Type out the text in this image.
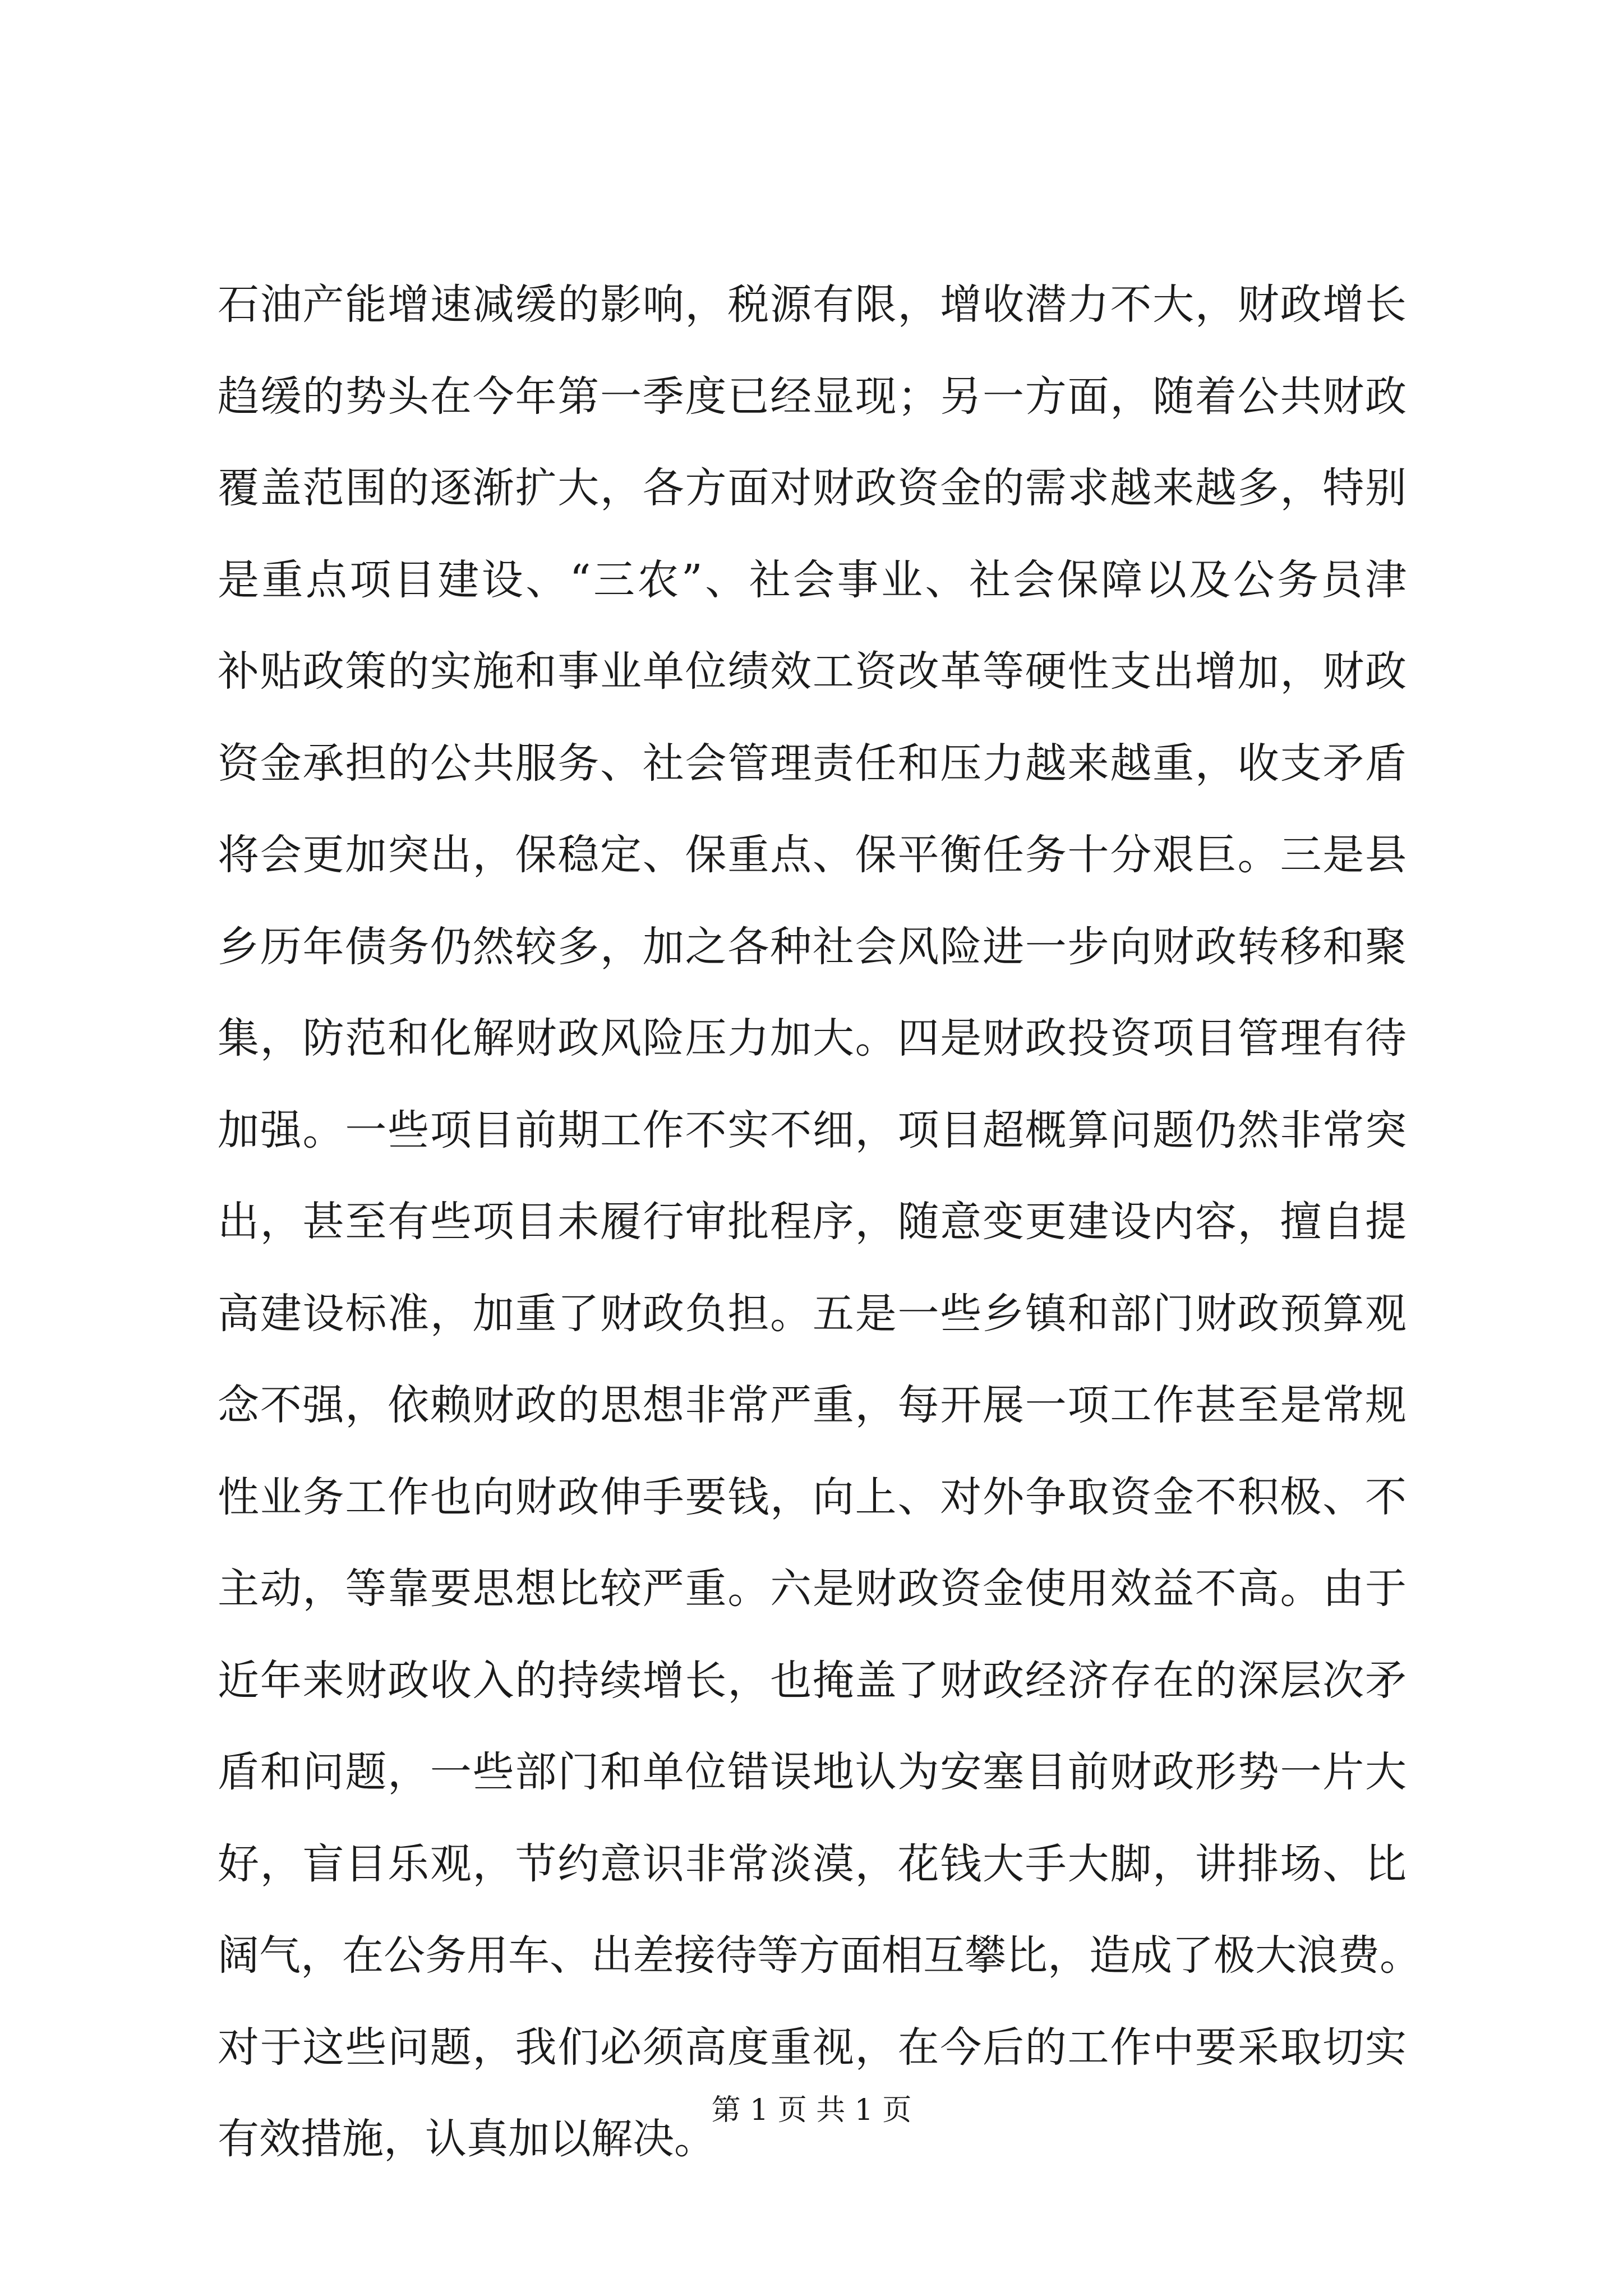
石油产能增速减缓的影响，税源有限，增收潜力不大，财政增长
趋缓的势头在今年第一季度已经显现；另一方面，随着公共财政
覆盖范围的逐渐扩大，各方面对财政资金的需求越来越多，特别
是重点项目建设、“三农”、社会事业、社会保障以及公务员津
补贴政策的实施和事业单位绩效工资改革等硬性支出增加，财政
资金承担的公共服务、社会管理责任和压力越来越重，收支矛盾
将会更加突出，保稳定、保重点、保平衡任务十分艰巨。三是县
乡历年债务仍然较多，加之各种社会风险进一步向财政转移和聚
集，防范和化解财政风险压力加大。四是财政投资项目管理有待
加强。一些项目前期工作不实不细，项目超概算问题仍然非常突
出，甚至有些项目未履行审批程序，随意变更建设内容，擅自提
高建设标准，加重了财政负担。五是一些乡镇和部门财政预算观
念不强，依赖财政的思想非常严重，每开展一项工作甚至是常规
性业务工作也向财政伸手要钱，向上、对外争取资金不积极、不
主动，等靠要思想比较严重。六是财政资金使用效益不高。由于
近年来财政收入的持续增长，也掩盖了财政经济存在的深层次矛
盾和问题，一些部门和单位错误地认为安塞目前财政形势一片大
好，盲目乐观，节约意识非常淡漠，花钱大手大脚，讲排场、比
阔气，在公务用车、出差接待等方面相互攀比，造成了极大浪费。
对于这些问题，我们必须高度重视，在今后的工作中要采取切实
有效措施，认真加以解决。
第 1 页 共 1 页
